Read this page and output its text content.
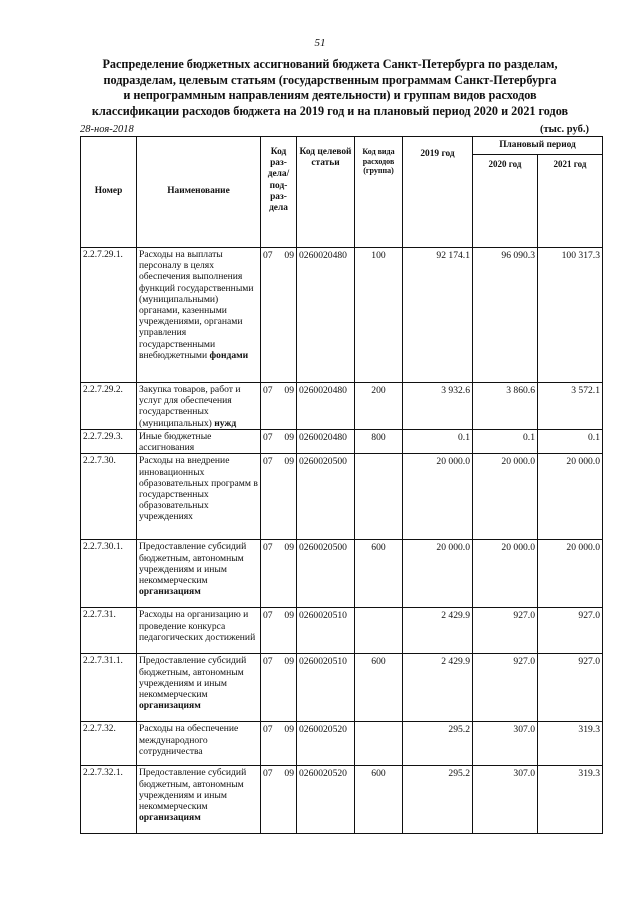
51
Распределение бюджетных ассигнований бюджета Санкт-Петербурга по разделам,
подразделам, целевым статьям (государственным программам Санкт-Петербурга
и непрограммным направлениям деятельности) и группам видов расходов
классификации расходов бюджета на 2019 год и на плановый период 2020 и 2021 годов
28-ноя-2018	(тыс. руб.)
Номер	Наименование	Код раз-дела/ под-раз-дела	Код целевой статьи	Код вида расходов (группа)	2019 год	Плановый период	
						2020 год	2021 год
2.2.7.29.1.	Расходы на выплаты персоналу в целях обеспечения выполнения функций государственными (муниципальными) органами, казенными учреждениями, органами управления государственными внебюджетными фондами	07 09	0260020480	100	92 174.1	96 090.3	100 317.3
2.2.7.29.2.	Закупка товаров, работ и услуг для обеспечения государственных (муниципальных) нужд	07 09	0260020480	200	3 932.6	3 860.6	3 572.1
2.2.7.29.3.	Иные бюджетные ассигнования	07 09	0260020480	800	0.1	0.1	0.1
2.2.7.30.	Расходы на внедрение инновационных образовательных программ в государственных образовательных учреждениях	07 09	0260020500		20 000.0	20 000.0	20 000.0
2.2.7.30.1.	Предоставление субсидий бюджетным, автономным учреждениям и иным некоммерческим организациям	07 09	0260020500	600	20 000.0	20 000.0	20 000.0
2.2.7.31.	Расходы на организацию и проведение конкурса педагогических достижений	07 09	0260020510		2 429.9	927.0	927.0
2.2.7.31.1.	Предоставление субсидий бюджетным, автономным учреждениям и иным некоммерческим организациям	07 09	0260020510	600	2 429.9	927.0	927.0
2.2.7.32.	Расходы на обеспечение международного сотрудничества	07 09	0260020520		295.2	307.0	319.3
2.2.7.32.1.	Предоставление субсидий бюджетным, автономным учреждениям и иным некоммерческим организациям	07 09	0260020520	600	295.2	307.0	319.3
